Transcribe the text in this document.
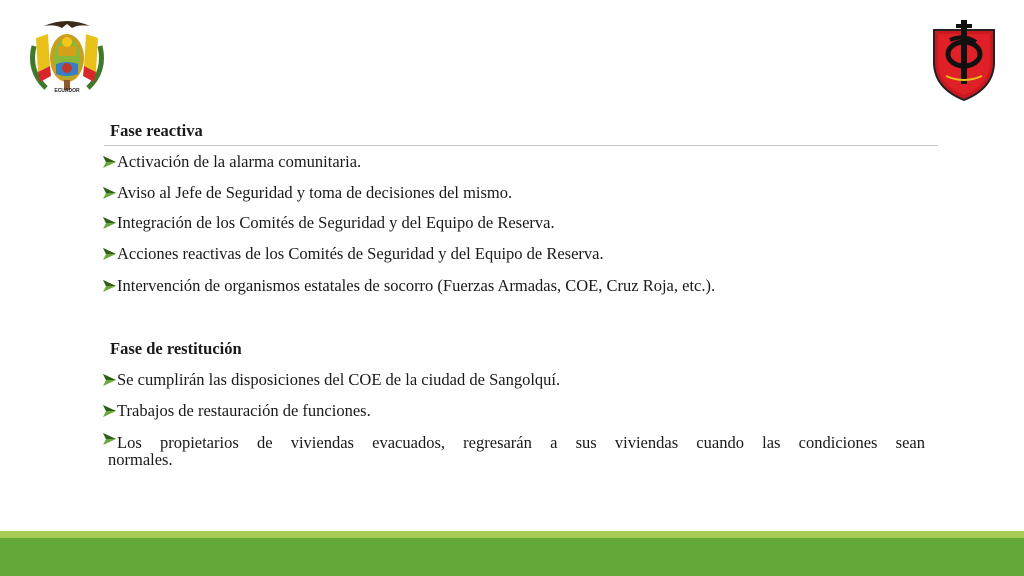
ECUADOR
Fase reactiva
Activación de la alarma comunitaria.
Aviso al Jefe de Seguridad y toma de decisiones del mismo.
Integración de los Comités de Seguridad y del Equipo de Reserva.
Acciones reactivas de los Comités de Seguridad y del Equipo de Reserva.
Intervención de organismos estatales de socorro (Fuerzas Armadas, COE, Cruz Roja, etc.).
Fase de restitución
Se cumplirán las disposiciones del COE de la ciudad de Sangolquí.
Trabajos de restauración de funciones.
Los propietarios de viviendas evacuados, regresarán a sus viviendas cuando las condiciones sean
normales.
